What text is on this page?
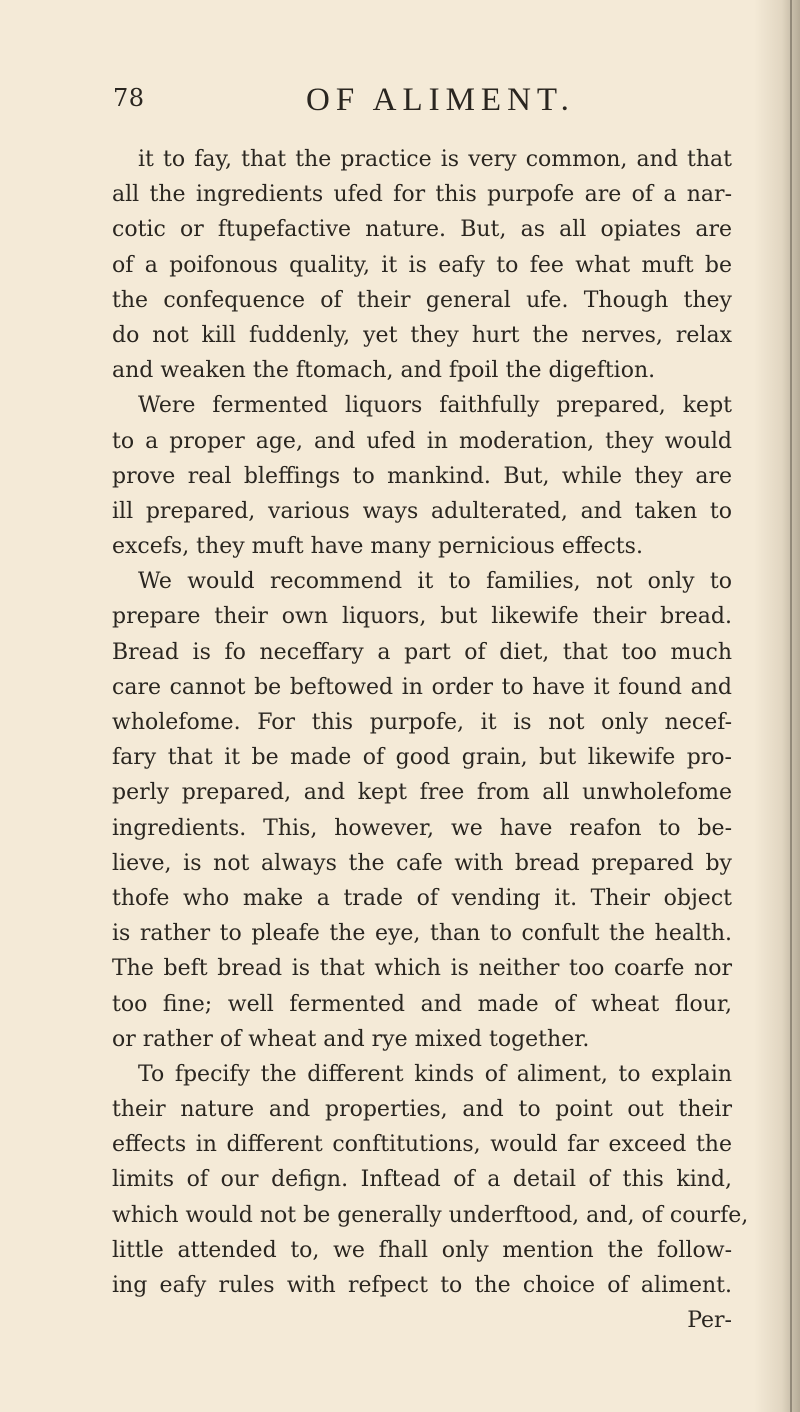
78	OF ALIMENT.
it to fay, that the practice is very common, and that
all the ingredients ufed for this purpofe are of a nar-
cotic or ftupefactive nature. But, as all opiates are
of a poifonous quality, it is eafy to fee what muft be
the confequence of their general ufe. Though they
do not kill fuddenly, yet they hurt the nerves, relax
and weaken the ftomach, and fpoil the digeftion.
Were fermented liquors faithfully prepared, kept
to a proper age, and ufed in moderation, they would
prove real bleffings to mankind. But, while they are
ill prepared, various ways adulterated, and taken to
excefs, they muft have many pernicious effects.
We would recommend it to families, not only to
prepare their own liquors, but likewife their bread.
Bread is fo neceffary a part of diet, that too much
care cannot be beftowed in order to have it found and
wholefome. For this purpofe, it is not only necef-
fary that it be made of good grain, but likewife pro-
perly prepared, and kept free from all unwholefome
ingredients. This, however, we have reafon to be-
lieve, is not always the cafe with bread prepared by
thofe who make a trade of vending it. Their object
is rather to pleafe the eye, than to confult the health.
The beft bread is that which is neither too coarfe nor
too fine; well fermented and made of wheat flour,
or rather of wheat and rye mixed together.
To fpecify the different kinds of aliment, to explain
their nature and properties, and to point out their
effects in different conftitutions, would far exceed the
limits of our defign. Inftead of a detail of this kind,
which would not be generally underftood, and, of courfe,
little attended to, we fhall only mention the follow-
ing eafy rules with refpect to the choice of aliment.
Per-
